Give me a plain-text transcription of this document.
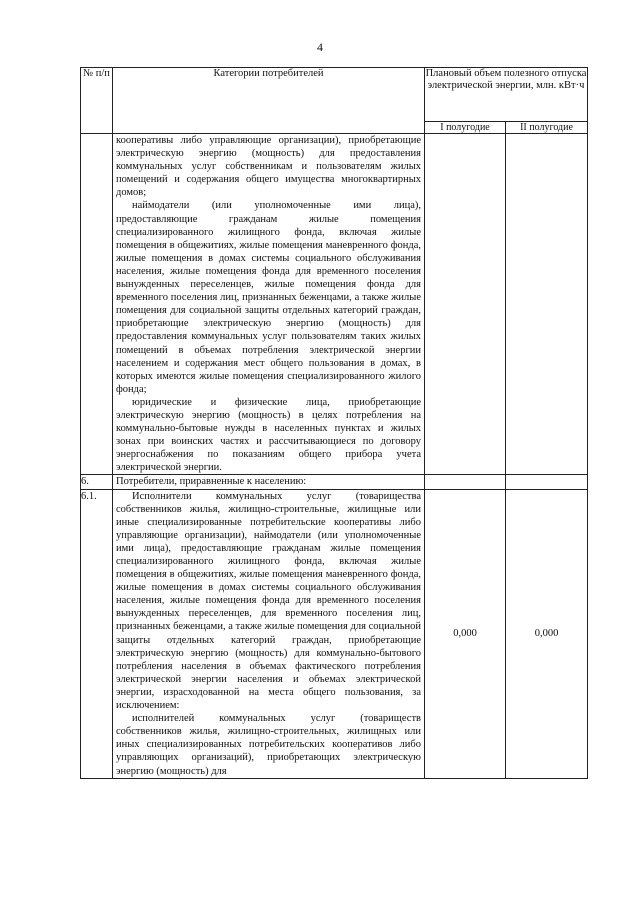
4
№ п/п	Категории потребителей	Плановый объем полезного отпуска электрической энергии, млн. кВт·ч	
		I полугодие	II полугодие

	кооперативы либо управляющие организации), приобретающие электрическую энергию (мощность) для предоставления коммунальных услуг собственникам и пользователям жилых помещений и содержания общего имущества многоквартирных домов;
наймодатели (или уполномоченные ими лица), предоставляющие гражданам жилые помещения специализированного жилищного фонда, включая жилые помещения в общежитиях, жилые помещения маневренного фонда, жилые помещения в домах системы социального обслуживания населения, жилые помещения фонда для временного поселения вынужденных переселенцев, жилые помещения фонда для временного поселения лиц, признанных беженцами, а также жилые помещения для социальной защиты отдельных категорий граждан, приобретающие электрическую энергию (мощность) для предоставления коммунальных услуг пользователям таких жилых помещений в объемах потребления электрической энергии населением и содержания мест общего пользования в домах, в которых имеются жилые помещения специализированного жилого фонда;
юридические и физические лица, приобретающие электрическую энергию (мощность) в целях потребления на коммунально-бытовые нужды в населенных пунктах и жилых зонах при воинских частях и рассчитывающиеся по договору энергоснабжения по показаниям общего прибора учета электрической энергии.		

6.	Потребители, приравненные к населению:		

6.1.	Исполнители коммунальных услуг (товарищества собственников жилья, жилищно-строительные, жилищные или иные специализированные потребительские кооперативы либо управляющие организации), наймодатели (или уполномоченные ими лица), предоставляющие гражданам жилые помещения специализированного жилищного фонда, включая жилые помещения в общежитиях, жилые помещения маневренного фонда, жилые помещения в домах системы социального обслуживания населения, жилые помещения фонда для временного поселения вынужденных переселенцев, для временного поселения лиц, признанных беженцами, а также жилые помещения для социальной защиты отдельных категорий граждан, приобретающие электрическую энергию (мощность) для коммунально-бытового потребления населения в объемах фактического потребления электрической энергии населения и объемах электрической энергии, израсходованной на места общего пользования, за исключением:
исполнителей коммунальных услуг (товариществ собственников жилья, жилищно-строительных, жилищных или иных специализированных потребительских кооперативов либо управляющих организаций), приобретающих электрическую энергию (мощность) для	0,000	0,000
